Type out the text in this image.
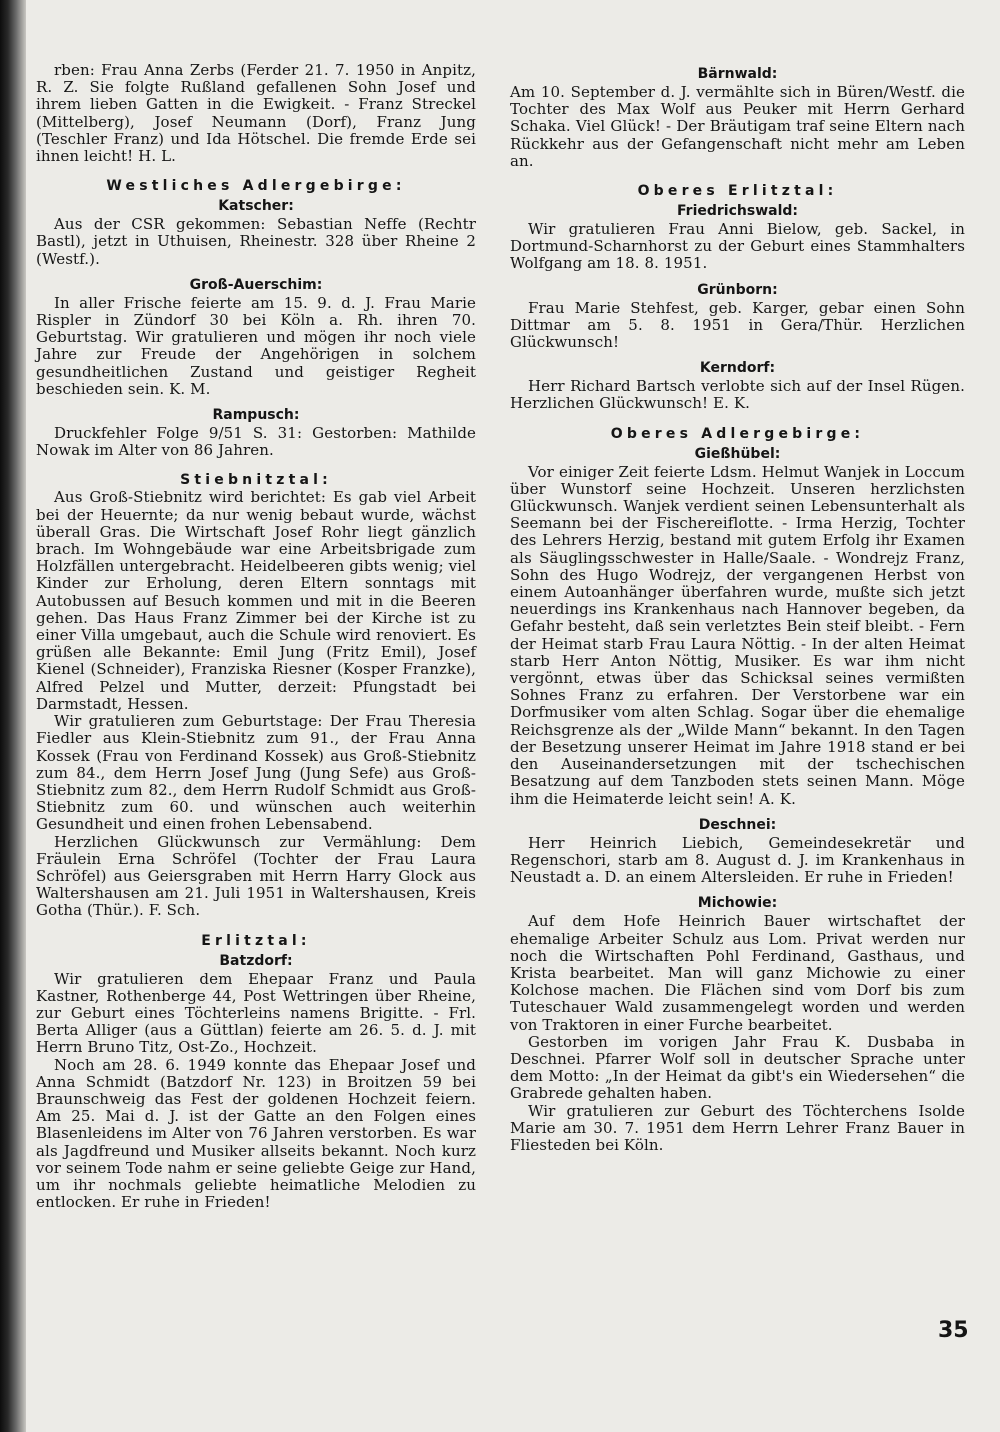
rben: Frau Anna Zerbs (Ferder 21. 7. 1950 in Anpitz, R. Z. Sie folgte Rußland gefallenen Sohn Josef und ihrem lieben Gatten in die Ewigkeit. - Franz Streckel (Mittelberg), Josef Neumann (Dorf), Franz Jung (Teschler Franz) und Ida Hötschel. Die fremde Erde sei ihnen leicht! H. L.

Westliches Adlergebirge:
Katscher:

Aus der CSR gekommen: Sebastian Neffe (Rechtr Bastl), jetzt in Uthuisen, Rheinestr. 328 über Rheine 2 (Westf.).

Groß-Auerschim:

In aller Frische feierte am 15. 9. d. J. Frau Marie Rispler in Zündorf 30 bei Köln a. Rh. ihren 70. Geburtstag. Wir gratulieren und mögen ihr noch viele Jahre zur Freude der Angehörigen in solchem gesundheitlichen Zustand und geistiger Regheit beschieden sein. K. M.

Rampusch:

Druckfehler Folge 9/51 S. 31: Gestorben: Mathilde Nowak im Alter von 86 Jahren.

Stiebnitztal:

Aus Groß-Stiebnitz wird berichtet: Es gab viel Arbeit bei der Heuernte; da nur wenig bebaut wurde, wächst überall Gras. Die Wirtschaft Josef Rohr liegt gänzlich brach. Im Wohngebäude war eine Arbeitsbrigade zum Holzfällen untergebracht. Heidelbeeren gibts wenig; viel Kinder zur Erholung, deren Eltern sonntags mit Autobussen auf Besuch kommen und mit in die Beeren gehen. Das Haus Franz Zimmer bei der Kirche ist zu einer Villa umgebaut, auch die Schule wird renoviert. Es grüßen alle Bekannte: Emil Jung (Fritz Emil), Josef Kienel (Schneider), Franziska Riesner (Kosper Franzke), Alfred Pelzel und Mutter, derzeit: Pfungstadt bei Darmstadt, Hessen.

Wir gratulieren zum Geburtstage: Der Frau Theresia Fiedler aus Klein-Stiebnitz zum 91., der Frau Anna Kossek (Frau von Ferdinand Kossek) aus Groß-Stiebnitz zum 84., dem Herrn Josef Jung (Jung Sefe) aus Groß-Stiebnitz zum 82., dem Herrn Rudolf Schmidt aus Groß-Stiebnitz zum 60. und wünschen auch weiterhin Gesundheit und einen frohen Lebensabend.

Herzlichen Glückwunsch zur Vermählung: Dem Fräulein Erna Schröfel (Tochter der Frau Laura Schröfel) aus Geiersgraben mit Herrn Harry Glock aus Waltershausen am 21. Juli 1951 in Waltershausen, Kreis Gotha (Thür.). F. Sch.

Erlitztal:
Batzdorf:

Wir gratulieren dem Ehepaar Franz und Paula Kastner, Rothenberge 44, Post Wettringen über Rheine, zur Geburt eines Töchterleins namens Brigitte. - Frl. Berta Alliger (aus a Güttlan) feierte am 26. 5. d. J. mit Herrn Bruno Titz, Ost-Zo., Hochzeit.

Noch am 28. 6. 1949 konnte das Ehepaar Josef und Anna Schmidt (Batzdorf Nr. 123) in Broitzen 59 bei Braunschweig das Fest der goldenen Hochzeit feiern. Am 25. Mai d. J. ist der Gatte an den Folgen eines Blasenleidens im Alter von 76 Jahren verstorben. Es war als Jagdfreund und Musiker allseits bekannt. Noch kurz vor seinem Tode nahm er seine geliebte Geige zur Hand, um ihr nochmals geliebte heimatliche Melodien zu entlocken. Er ruhe in Frieden!

Bärnwald:

Am 10. September d. J. vermählte sich in Büren/Westf. die Tochter des Max Wolf aus Peuker mit Herrn Gerhard Schaka. Viel Glück! - Der Bräutigam traf seine Eltern nach Rückkehr aus der Gefangenschaft nicht mehr am Leben an.

Oberes Erlitztal:
Friedrichswald:

Wir gratulieren Frau Anni Bielow, geb. Sackel, in Dortmund-Scharnhorst zu der Geburt eines Stammhalters Wolfgang am 18. 8. 1951.

Grünborn:

Frau Marie Stehfest, geb. Karger, gebar einen Sohn Dittmar am 5. 8. 1951 in Gera/Thür. Herzlichen Glückwunsch!

Kerndorf:

Herr Richard Bartsch verlobte sich auf der Insel Rügen. Herzlichen Glückwunsch! E. K.

Oberes Adlergebirge:
Gießhübel:

Vor einiger Zeit feierte Ldsm. Helmut Wanjek in Loccum über Wunstorf seine Hochzeit. Unseren herzlichsten Glückwunsch. Wanjek verdient seinen Lebensunterhalt als Seemann bei der Fischereiflotte. - Irma Herzig, Tochter des Lehrers Herzig, bestand mit gutem Erfolg ihr Examen als Säuglingsschwester in Halle/Saale. - Wondrejz Franz, Sohn des Hugo Wodrejz, der vergangenen Herbst von einem Autoanhänger überfahren wurde, mußte sich jetzt neuerdings ins Krankenhaus nach Hannover begeben, da Gefahr besteht, daß sein verletztes Bein steif bleibt. - Fern der Heimat starb Frau Laura Nöttig. - In der alten Heimat starb Herr Anton Nöttig, Musiker. Es war ihm nicht vergönnt, etwas über das Schicksal seines vermißten Sohnes Franz zu erfahren. Der Verstorbene war ein Dorfmusiker vom alten Schlag. Sogar über die ehemalige Reichsgrenze als der „Wilde Mann“ bekannt. In den Tagen der Besetzung unserer Heimat im Jahre 1918 stand er bei den Auseinandersetzungen mit der tschechischen Besatzung auf dem Tanzboden stets seinen Mann. Möge ihm die Heimaterde leicht sein! A. K.

Deschnei:

Herr Heinrich Liebich, Gemeindesekretär und Regenschori, starb am 8. August d. J. im Krankenhaus in Neustadt a. D. an einem Altersleiden. Er ruhe in Frieden!

Michowie:

Auf dem Hofe Heinrich Bauer wirtschaftet der ehemalige Arbeiter Schulz aus Lom. Privat werden nur noch die Wirtschaften Pohl Ferdinand, Gasthaus, und Krista bearbeitet. Man will ganz Michowie zu einer Kolchose machen. Die Flächen sind vom Dorf bis zum Tuteschauer Wald zusammengelegt worden und werden von Traktoren in einer Furche bearbeitet.

Gestorben im vorigen Jahr Frau K. Dusbaba in Deschnei. Pfarrer Wolf soll in deutscher Sprache unter dem Motto: „In der Heimat da gibt's ein Wiedersehen“ die Grabrede gehalten haben.

Wir gratulieren zur Geburt des Töchterchens Isolde Marie am 30. 7. 1951 dem Herrn Lehrer Franz Bauer in Fliesteden bei Köln.

35
